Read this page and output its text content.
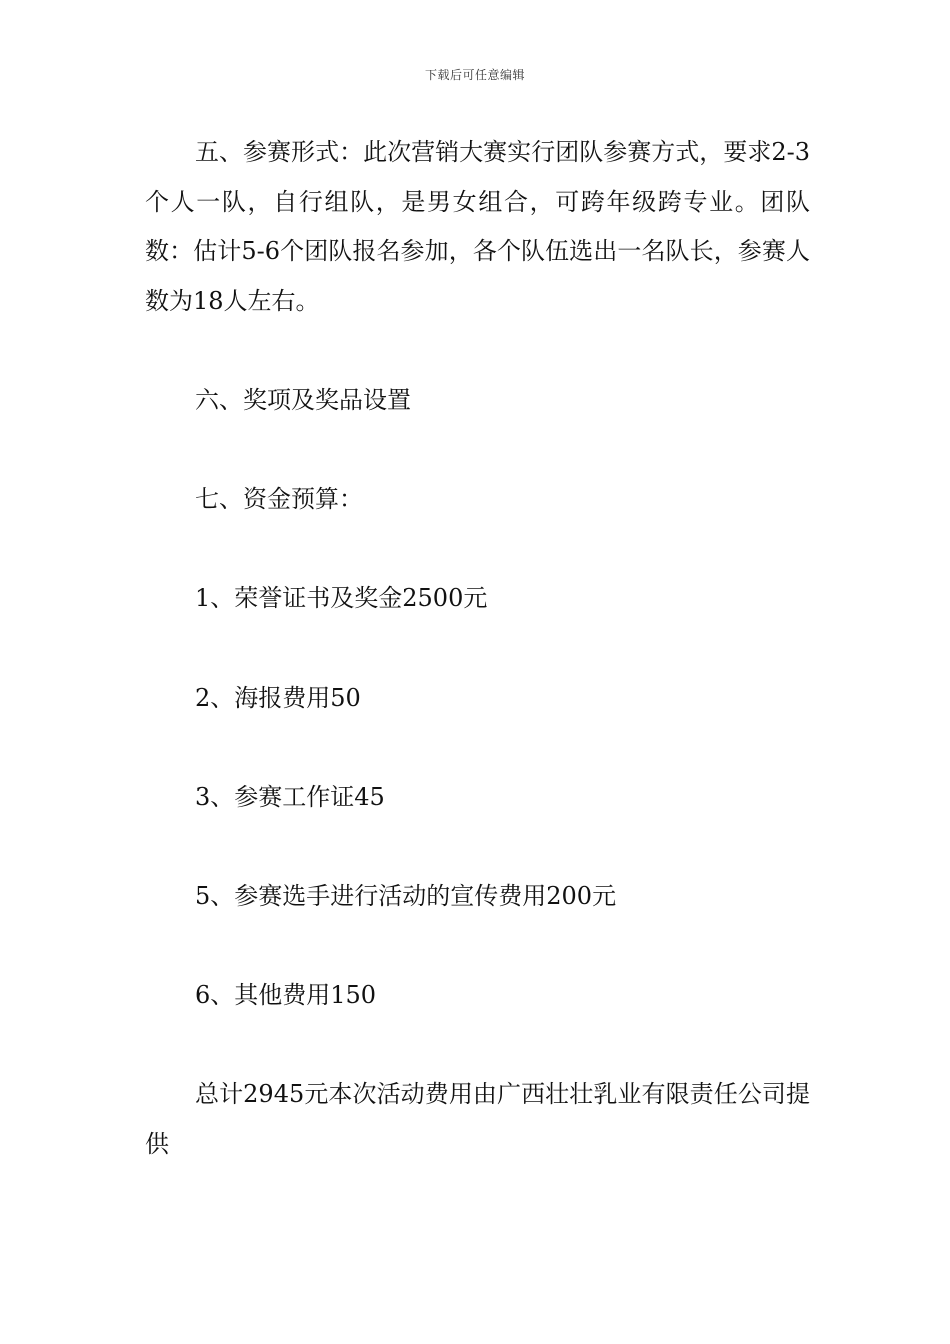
下载后可任意编辑

五、参赛形式：此次营销大赛实行团队参赛方式，要求2-3个人一队，自行组队，是男女组合，可跨年级跨专业。团队数：估计5-6个团队报名参加，各个队伍选出一名队长，参赛人数为18人左右。

六、奖项及奖品设置

七、资金预算：

1、荣誉证书及奖金2500元

2、海报费用50

3、参赛工作证45

5、参赛选手进行活动的宣传费用200元

6、其他费用150

总计2945元本次活动费用由广西壮壮乳业有限责任公司提供
